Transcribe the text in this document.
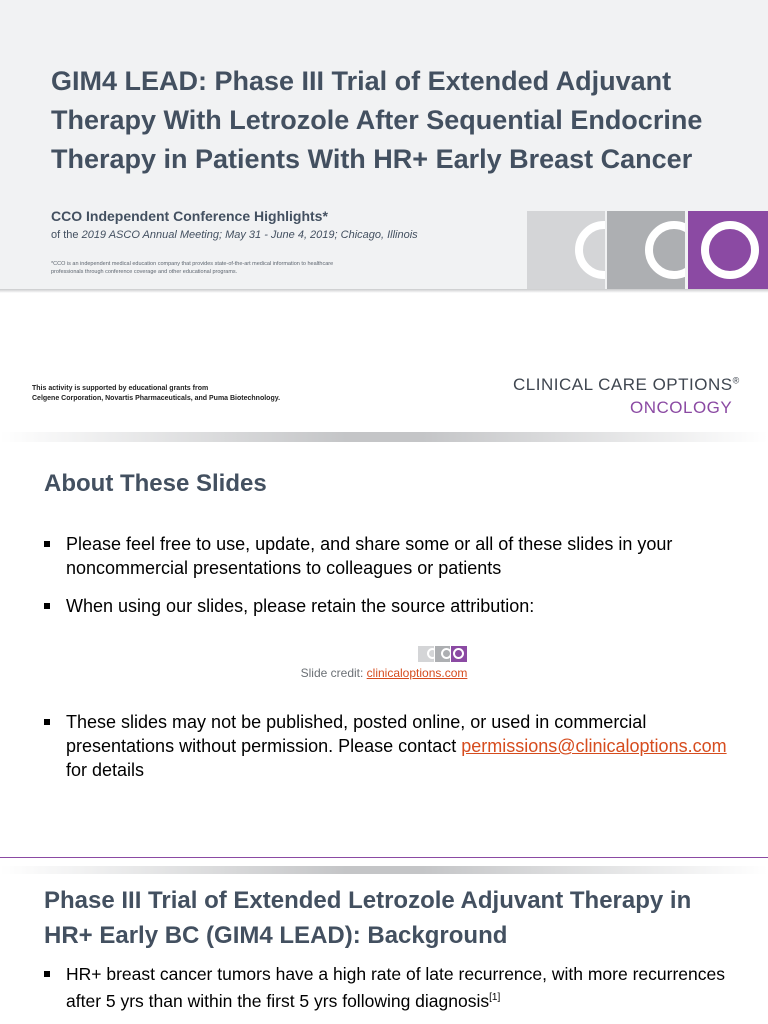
GIM4 LEAD: Phase III Trial of Extended Adjuvant
Therapy With Letrozole After Sequential Endocrine
Therapy in Patients With HR+ Early Breast Cancer
CCO Independent Conference Highlights*
of the 2019 ASCO Annual Meeting; May 31 - June 4, 2019; Chicago, Illinois
*CCO is an independent medical education company that provides state-of-the-art medical information to healthcare professionals through conference coverage and other educational programs.
This activity is supported by educational grants from
Celgene Corporation, Novartis Pharmaceuticals, and Puma Biotechnology.
CLINICAL CARE OPTIONS®
ONCOLOGY
About These Slides
Please feel free to use, update, and share some or all of these slides in your noncommercial presentations to colleagues or patients
When using our slides, please retain the source attribution:
Slide credit: clinicaloptions.com
These slides may not be published, posted online, or used in commercial presentations without permission. Please contact permissions@clinicaloptions.com for details
Phase III Trial of Extended Letrozole Adjuvant Therapy in
HR+ Early BC (GIM4 LEAD): Background
HR+ breast cancer tumors have a high rate of late recurrence, with more recurrences after 5 yrs than within the first 5 yrs following diagnosis[1]
